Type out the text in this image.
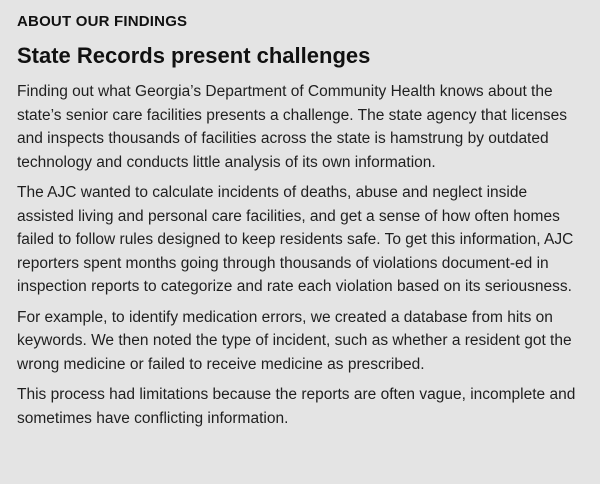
ABOUT OUR FINDINGS
State Records present challenges

Finding out what Georgia’s Department of Community Health knows about the state’s senior care facilities presents a challenge. The state agency that licenses and inspects thousands of facilities across the state is hamstrung by outdated technology and conducts little analysis of its own information.

The AJC wanted to calculate incidents of deaths, abuse and neglect inside assisted living and personal care facilities, and get a sense of how often homes failed to follow rules designed to keep residents safe. To get this information, AJC reporters spent months going through thousands of violations document-ed in inspection reports to categorize and rate each violation based on its seriousness.

For example, to identify medication errors, we created a database from hits on keywords. We then noted the type of incident, such as whether a resident got the wrong medicine or failed to receive medicine as prescribed.

This process had limitations because the reports are often vague, incomplete and sometimes have conflicting information.
